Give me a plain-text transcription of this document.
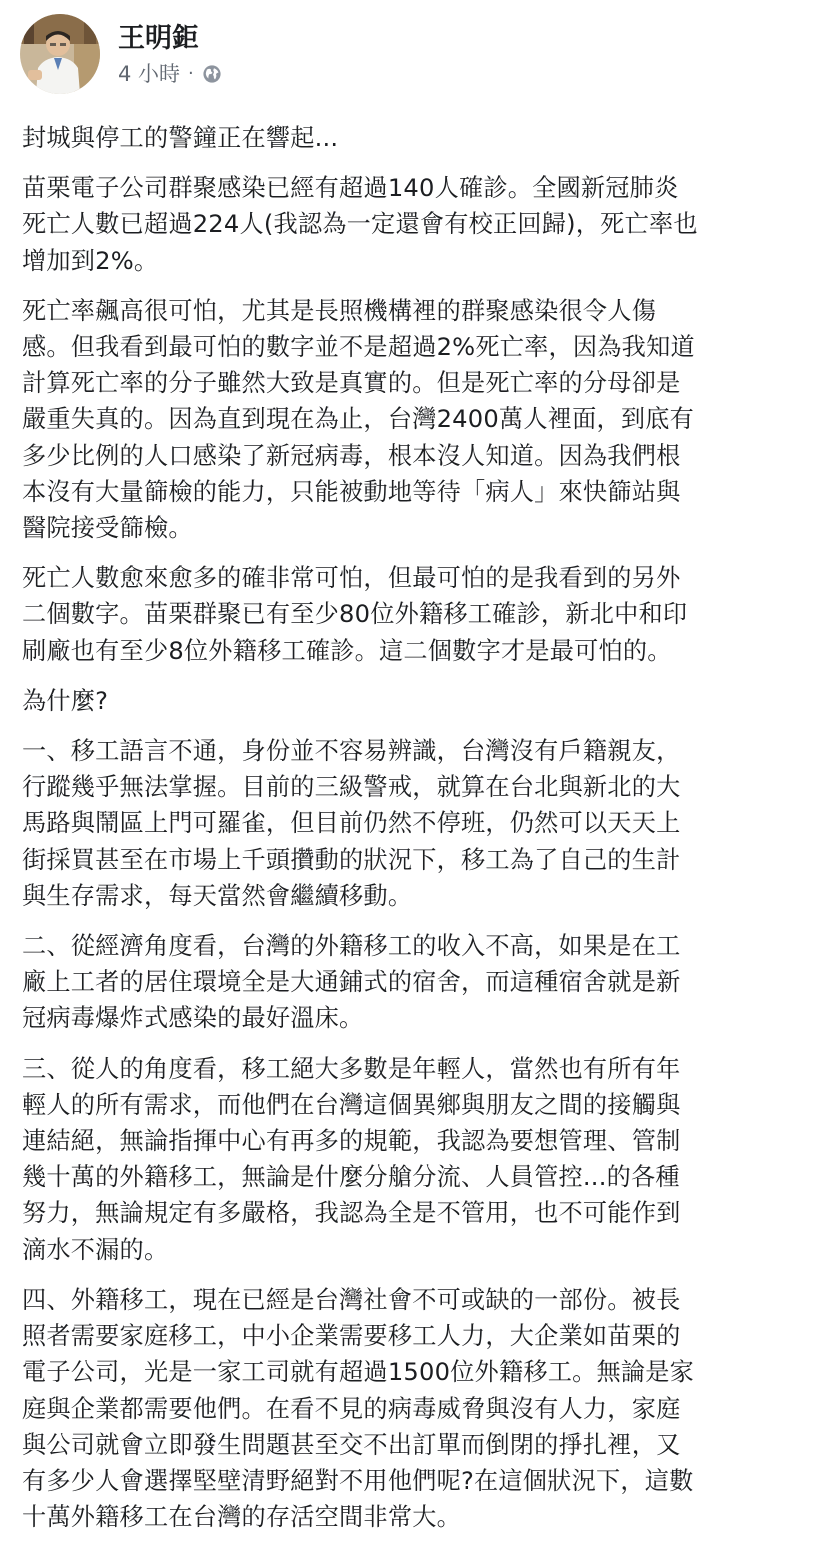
王明鉅
4 小時 ·

封城與停工的警鐘正在響起...

苗栗電子公司群聚感染已經有超過140人確診。全國新冠肺炎
死亡人數已超過224人(我認為一定還會有校正回歸)，死亡率也
增加到2%。

死亡率飆高很可怕，尤其是長照機構裡的群聚感染很令人傷
感。但我看到最可怕的數字並不是超過2%死亡率，因為我知道
計算死亡率的分子雖然大致是真實的。但是死亡率的分母卻是
嚴重失真的。因為直到現在為止，台灣2400萬人裡面，到底有
多少比例的人口感染了新冠病毒，根本沒人知道。因為我們根
本沒有大量篩檢的能力，只能被動地等待「病人」來快篩站與
醫院接受篩檢。

死亡人數愈來愈多的確非常可怕，但最可怕的是我看到的另外
二個數字。苗栗群聚已有至少80位外籍移工確診，新北中和印
刷廠也有至少8位外籍移工確診。這二個數字才是最可怕的。

為什麼?

一、移工語言不通，身份並不容易辨識，台灣沒有戶籍親友，
行蹤幾乎無法掌握。目前的三級警戒，就算在台北與新北的大
馬路與鬧區上門可羅雀，但目前仍然不停班，仍然可以天天上
街採買甚至在市場上千頭攢動的狀況下，移工為了自己的生計
與生存需求，每天當然會繼續移動。

二、從經濟角度看，台灣的外籍移工的收入不高，如果是在工
廠上工者的居住環境全是大通鋪式的宿舍，而這種宿舍就是新
冠病毒爆炸式感染的最好溫床。

三、從人的角度看，移工絕大多數是年輕人，當然也有所有年
輕人的所有需求，而他們在台灣這個異鄉與朋友之間的接觸與
連結絕，無論指揮中心有再多的規範，我認為要想管理、管制
幾十萬的外籍移工，無論是什麼分艙分流、人員管控...的各種
努力，無論規定有多嚴格，我認為全是不管用，也不可能作到
滴水不漏的。

四、外籍移工，現在已經是台灣社會不可或缺的一部份。被長
照者需要家庭移工，中小企業需要移工人力，大企業如苗栗的
電子公司，光是一家工司就有超過1500位外籍移工。無論是家
庭與企業都需要他們。在看不見的病毒威脅與沒有人力，家庭
與公司就會立即發生問題甚至交不出訂單而倒閉的掙扎裡，又
有多少人會選擇堅壁清野絕對不用他們呢?在這個狀況下，這數
十萬外籍移工在台灣的存活空間非常大。
